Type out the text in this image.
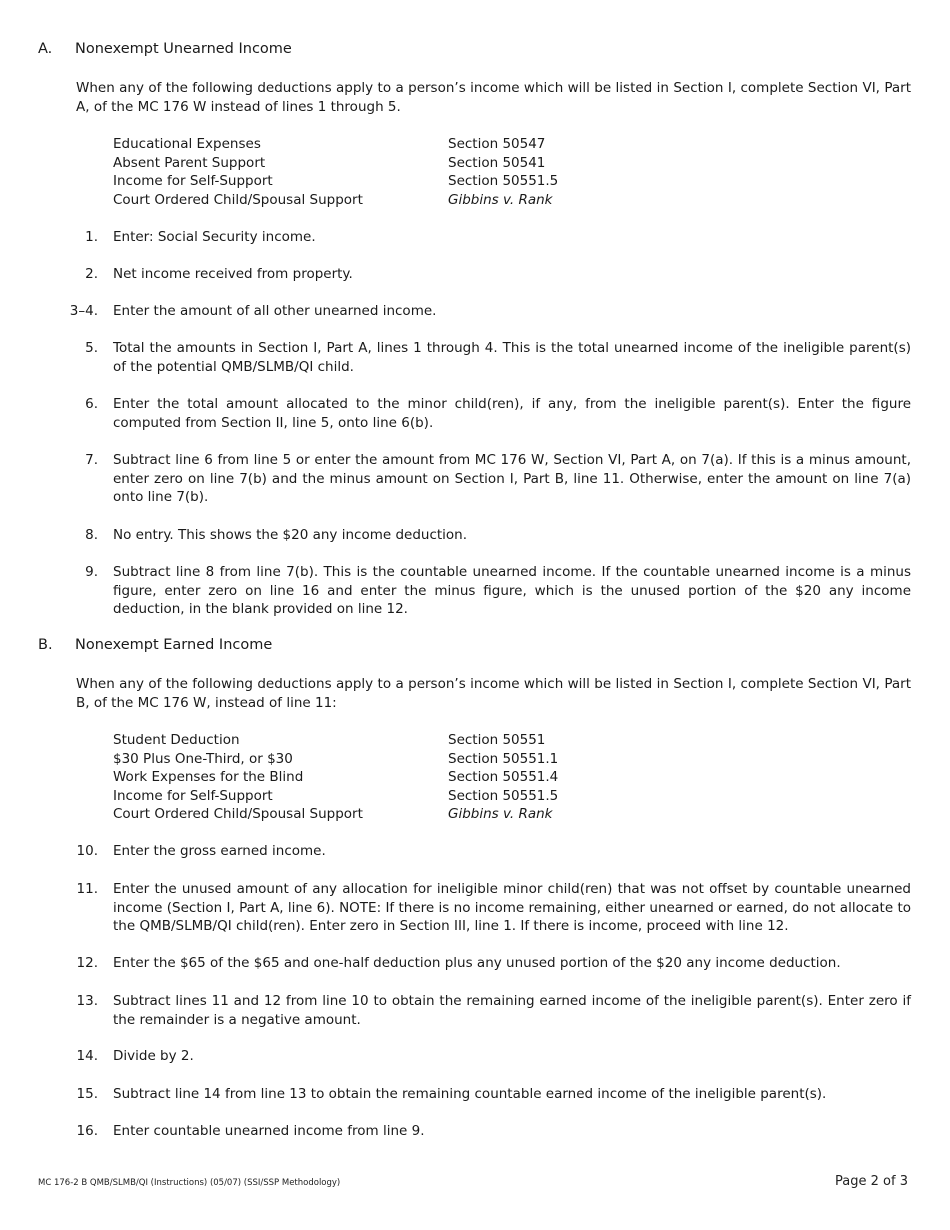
A. Nonexempt Unearned Income
When any of the following deductions apply to a person’s income which will be listed in Section I, complete Section VI, Part A, of the MC 176 W instead of lines 1 through 5.
Educational Expenses	Section 50547
Absent Parent Support	Section 50541
Income for Self-Support	Section 50551.5
Court Ordered Child/Spousal Support	Gibbins v. Rank
1. Enter: Social Security income.
2. Net income received from property.
3–4. Enter the amount of all other unearned income.
5. Total the amounts in Section I, Part A, lines 1 through 4. This is the total unearned income of the ineligible parent(s) of the potential QMB/SLMB/QI child.
6. Enter the total amount allocated to the minor child(ren), if any, from the ineligible parent(s). Enter the figure computed from Section II, line 5, onto line 6(b).
7. Subtract line 6 from line 5 or enter the amount from MC 176 W, Section VI, Part A, on 7(a). If this is a minus amount, enter zero on line 7(b) and the minus amount on Section I, Part B, line 11. Otherwise, enter the amount on line 7(a) onto line 7(b).
8. No entry. This shows the $20 any income deduction.
9. Subtract line 8 from line 7(b). This is the countable unearned income. If the countable unearned income is a minus figure, enter zero on line 16 and enter the minus figure, which is the unused portion of the $20 any income deduction, in the blank provided on line 12.
B. Nonexempt Earned Income
When any of the following deductions apply to a person’s income which will be listed in Section I, complete Section VI, Part B, of the MC 176 W, instead of line 11:
Student Deduction	Section 50551
$30 Plus One-Third, or $30	Section 50551.1
Work Expenses for the Blind	Section 50551.4
Income for Self-Support	Section 50551.5
Court Ordered Child/Spousal Support	Gibbins v. Rank
10. Enter the gross earned income.
11. Enter the unused amount of any allocation for ineligible minor child(ren) that was not offset by countable unearned income (Section I, Part A, line 6). NOTE: If there is no income remaining, either unearned or earned, do not allocate to the QMB/SLMB/QI child(ren). Enter zero in Section III, line 1. If there is income, proceed with line 12.
12. Enter the $65 of the $65 and one-half deduction plus any unused portion of the $20 any income deduction.
13. Subtract lines 11 and 12 from line 10 to obtain the remaining earned income of the ineligible parent(s). Enter zero if the remainder is a negative amount.
14. Divide by 2.
15. Subtract line 14 from line 13 to obtain the remaining countable earned income of the ineligible parent(s).
16. Enter countable unearned income from line 9.
MC 176-2 B QMB/SLMB/QI (Instructions) (05/07) (SSI/SSP Methodology)	Page 2 of 3
